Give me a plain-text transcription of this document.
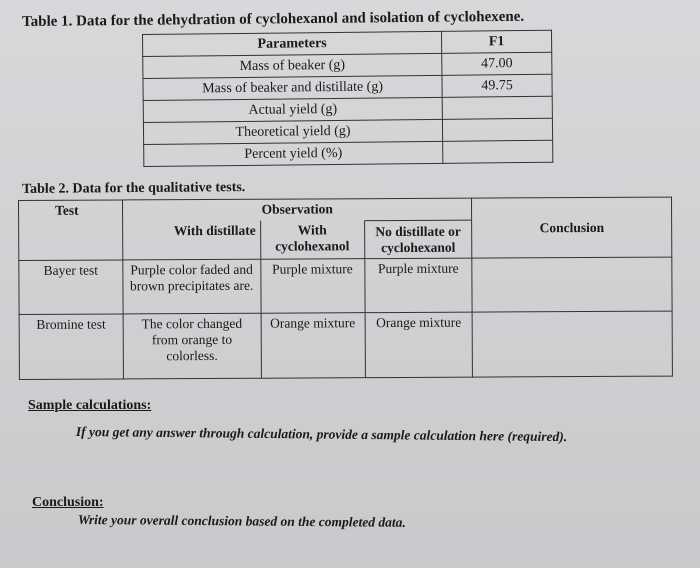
Table 1. Data for the dehydration of cyclohexanol and isolation of cyclohexene.
Parameters	F1
Mass of beaker (g)	47.00
Mass of beaker and distillate (g)	49.75
Actual yield (g)	
Theoretical yield (g)	
Percent yield (%)	
Table 2. Data for the qualitative tests.
Test	Observation			Conclusion
	With distillate	With cyclohexanol	No distillate or cyclohexanol	
Bayer test	Purple color faded and brown precipitates are.	Purple mixture	Purple mixture	
Bromine test	The color changed from orange to colorless.	Orange mixture	Orange mixture	
Sample calculations:
If you get any answer through calculation, provide a sample calculation here (required).
Conclusion:
Write your overall conclusion based on the completed data.
